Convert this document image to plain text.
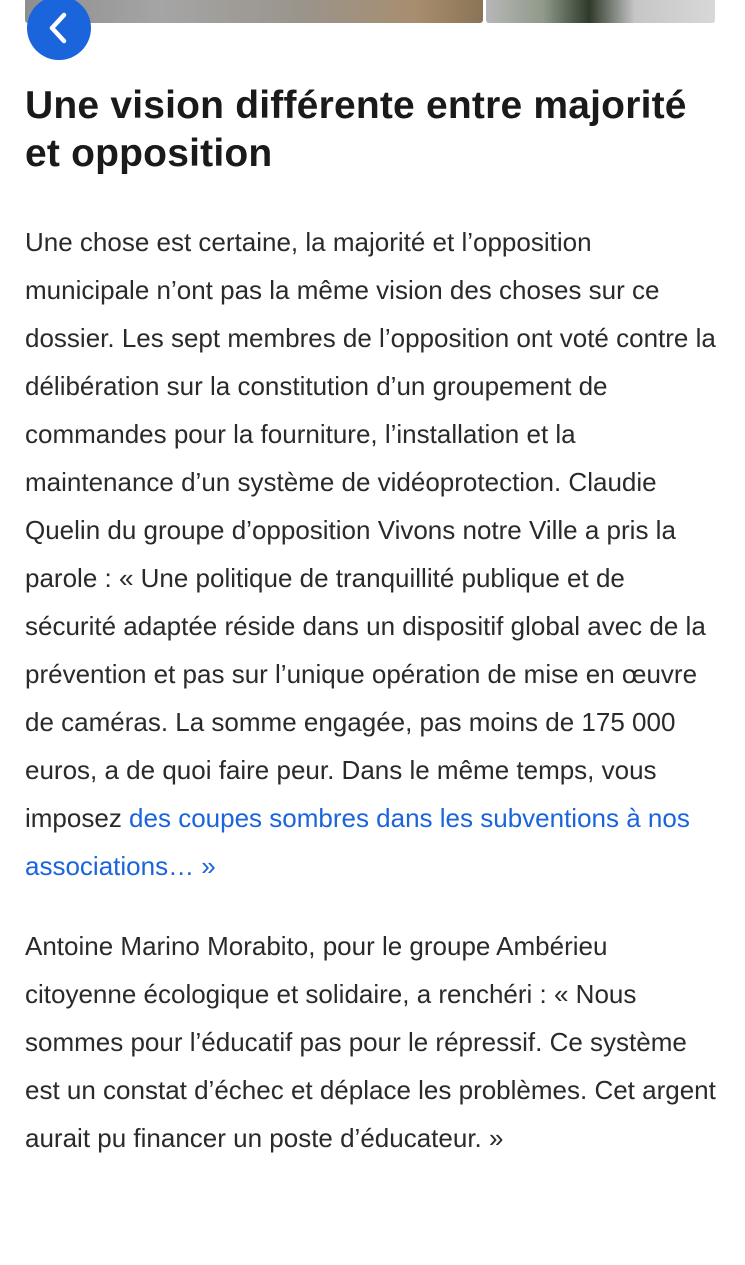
Une vision différente entre majorité et opposition

Une chose est certaine, la majorité et l’opposition municipale n’ont pas la même vision des choses sur ce dossier. Les sept membres de l’opposition ont voté contre la délibération sur la constitution d’un groupement de commandes pour la fourniture, l’installation et la maintenance d’un système de vidéoprotection. Claudie Quelin du groupe d’opposition Vivons notre Ville a pris la parole : « Une politique de tranquillité publique et de sécurité adaptée réside dans un dispositif global avec de la prévention et pas sur l’unique opération de mise en œuvre de caméras. La somme engagée, pas moins de 175 000 euros, a de quoi faire peur. Dans le même temps, vous imposez des coupes sombres dans les subventions à nos associations… »

Antoine Marino Morabito, pour le groupe Ambérieu citoyenne écologique et solidaire, a renchéri : « Nous sommes pour l’éducatif pas pour le répressif. Ce système est un constat d’échec et déplace les problèmes. Cet argent aurait pu financer un poste d’éducateur. »
